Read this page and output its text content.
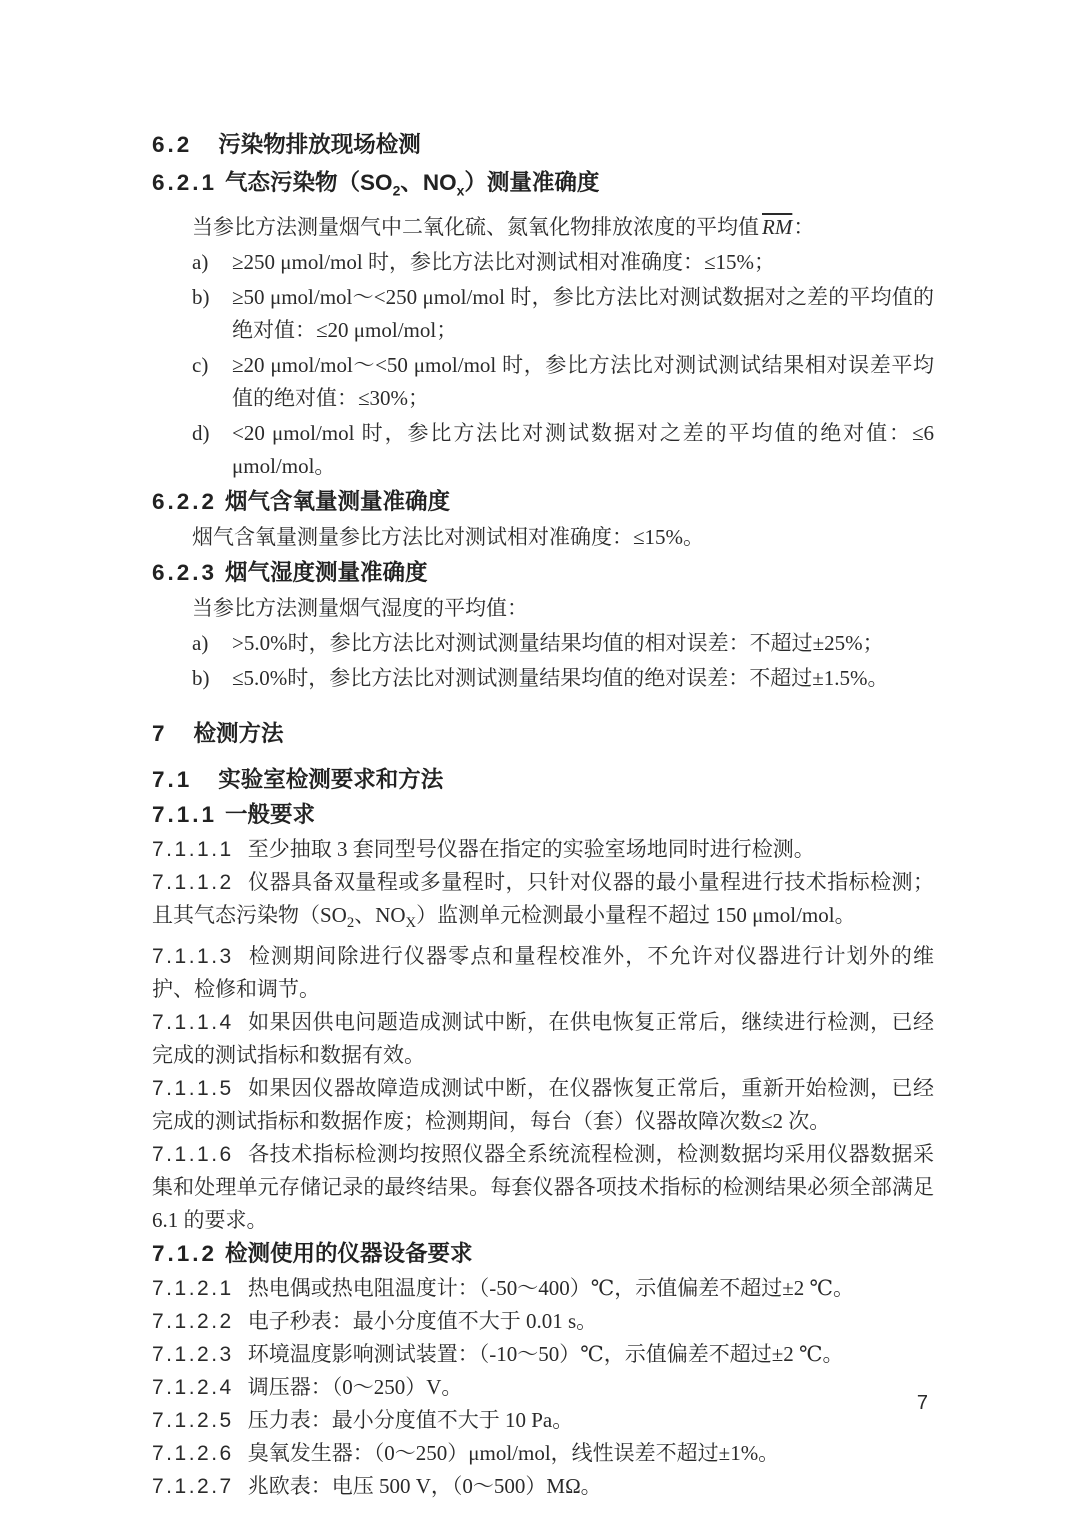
6.2 污染物排放现场检测
6.2.1 气态污染物（$SO_2$、$NO_x$）测量准确度

当参比方法测量烟气中二氧化硫、氮氧化物排放浓度的平均值 $\overline{RM}$：

a)	≥250 μmol/mol 时，参比方法比对测试相对准确度：≤15%；
b)	≥50 μmol/mol～<250 μmol/mol 时，参比方法比对测试数据对之差的平均值的绝对值：≤20 μmol/mol；
c)	≥20 μmol/mol～<50 μmol/mol 时，参比方法比对测试测试结果相对误差平均值的绝对值：≤30%；
d)	<20 μmol/mol 时，参比方法比对测试数据对之差的平均值的绝对值：≤6 μmol/mol。
6.2.2 烟气含氧量测量准确度

烟气含氧量测量参比方法比对测试相对准确度：≤15%。

6.2.3 烟气湿度测量准确度

当参比方法测量烟气湿度的平均值：

a)	>5.0%时，参比方法比对测试测量结果均值的相对误差：不超过±25%；
b)	≤5.0%时，参比方法比对测试测量结果均值的绝对误差：不超过±1.5%。
7 检测方法
7.1 实验室检测要求和方法
7.1.1 一般要求

7.1.1.1 至少抽取 3 套同型号仪器在指定的实验室场地同时进行检测。

7.1.1.2 仪器具备双量程或多量程时，只针对仪器的最小量程进行技术指标检测；且其气态污染物（$SO_2$、$NO_X$）监测单元检测最小量程不超过 150 μmol/mol。

7.1.1.3 检测期间除进行仪器零点和量程校准外，不允许对仪器进行计划外的维护、检修和调节。

7.1.1.4 如果因供电问题造成测试中断，在供电恢复正常后，继续进行检测，已经完成的测试指标和数据有效。

7.1.1.5 如果因仪器故障造成测试中断，在仪器恢复正常后，重新开始检测，已经完成的测试指标和数据作废；检测期间，每台（套）仪器故障次数≤2 次。

7.1.1.6 各技术指标检测均按照仪器全系统流程检测，检测数据均采用仪器数据采集和处理单元存储记录的最终结果。每套仪器各项技术指标的检测结果必须全部满足 6.1 的要求。

7.1.2 检测使用的仪器设备要求

7.1.2.1 热电偶或热电阻温度计：（-50～400）℃，示值偏差不超过±2 ℃。

7.1.2.2 电子秒表：最小分度值不大于 0.01 s。

7.1.2.3 环境温度影响测试装置：（-10～50）℃，示值偏差不超过±2 ℃。

7.1.2.4 调压器：（0～250）V。

7.1.2.5 压力表：最小分度值不大于 10 Pa。

7.1.2.6 臭氧发生器：（0～250）μmol/mol，线性误差不超过±1%。

7.1.2.7 兆欧表：电压 500 V，（0～500）MΩ。

7
